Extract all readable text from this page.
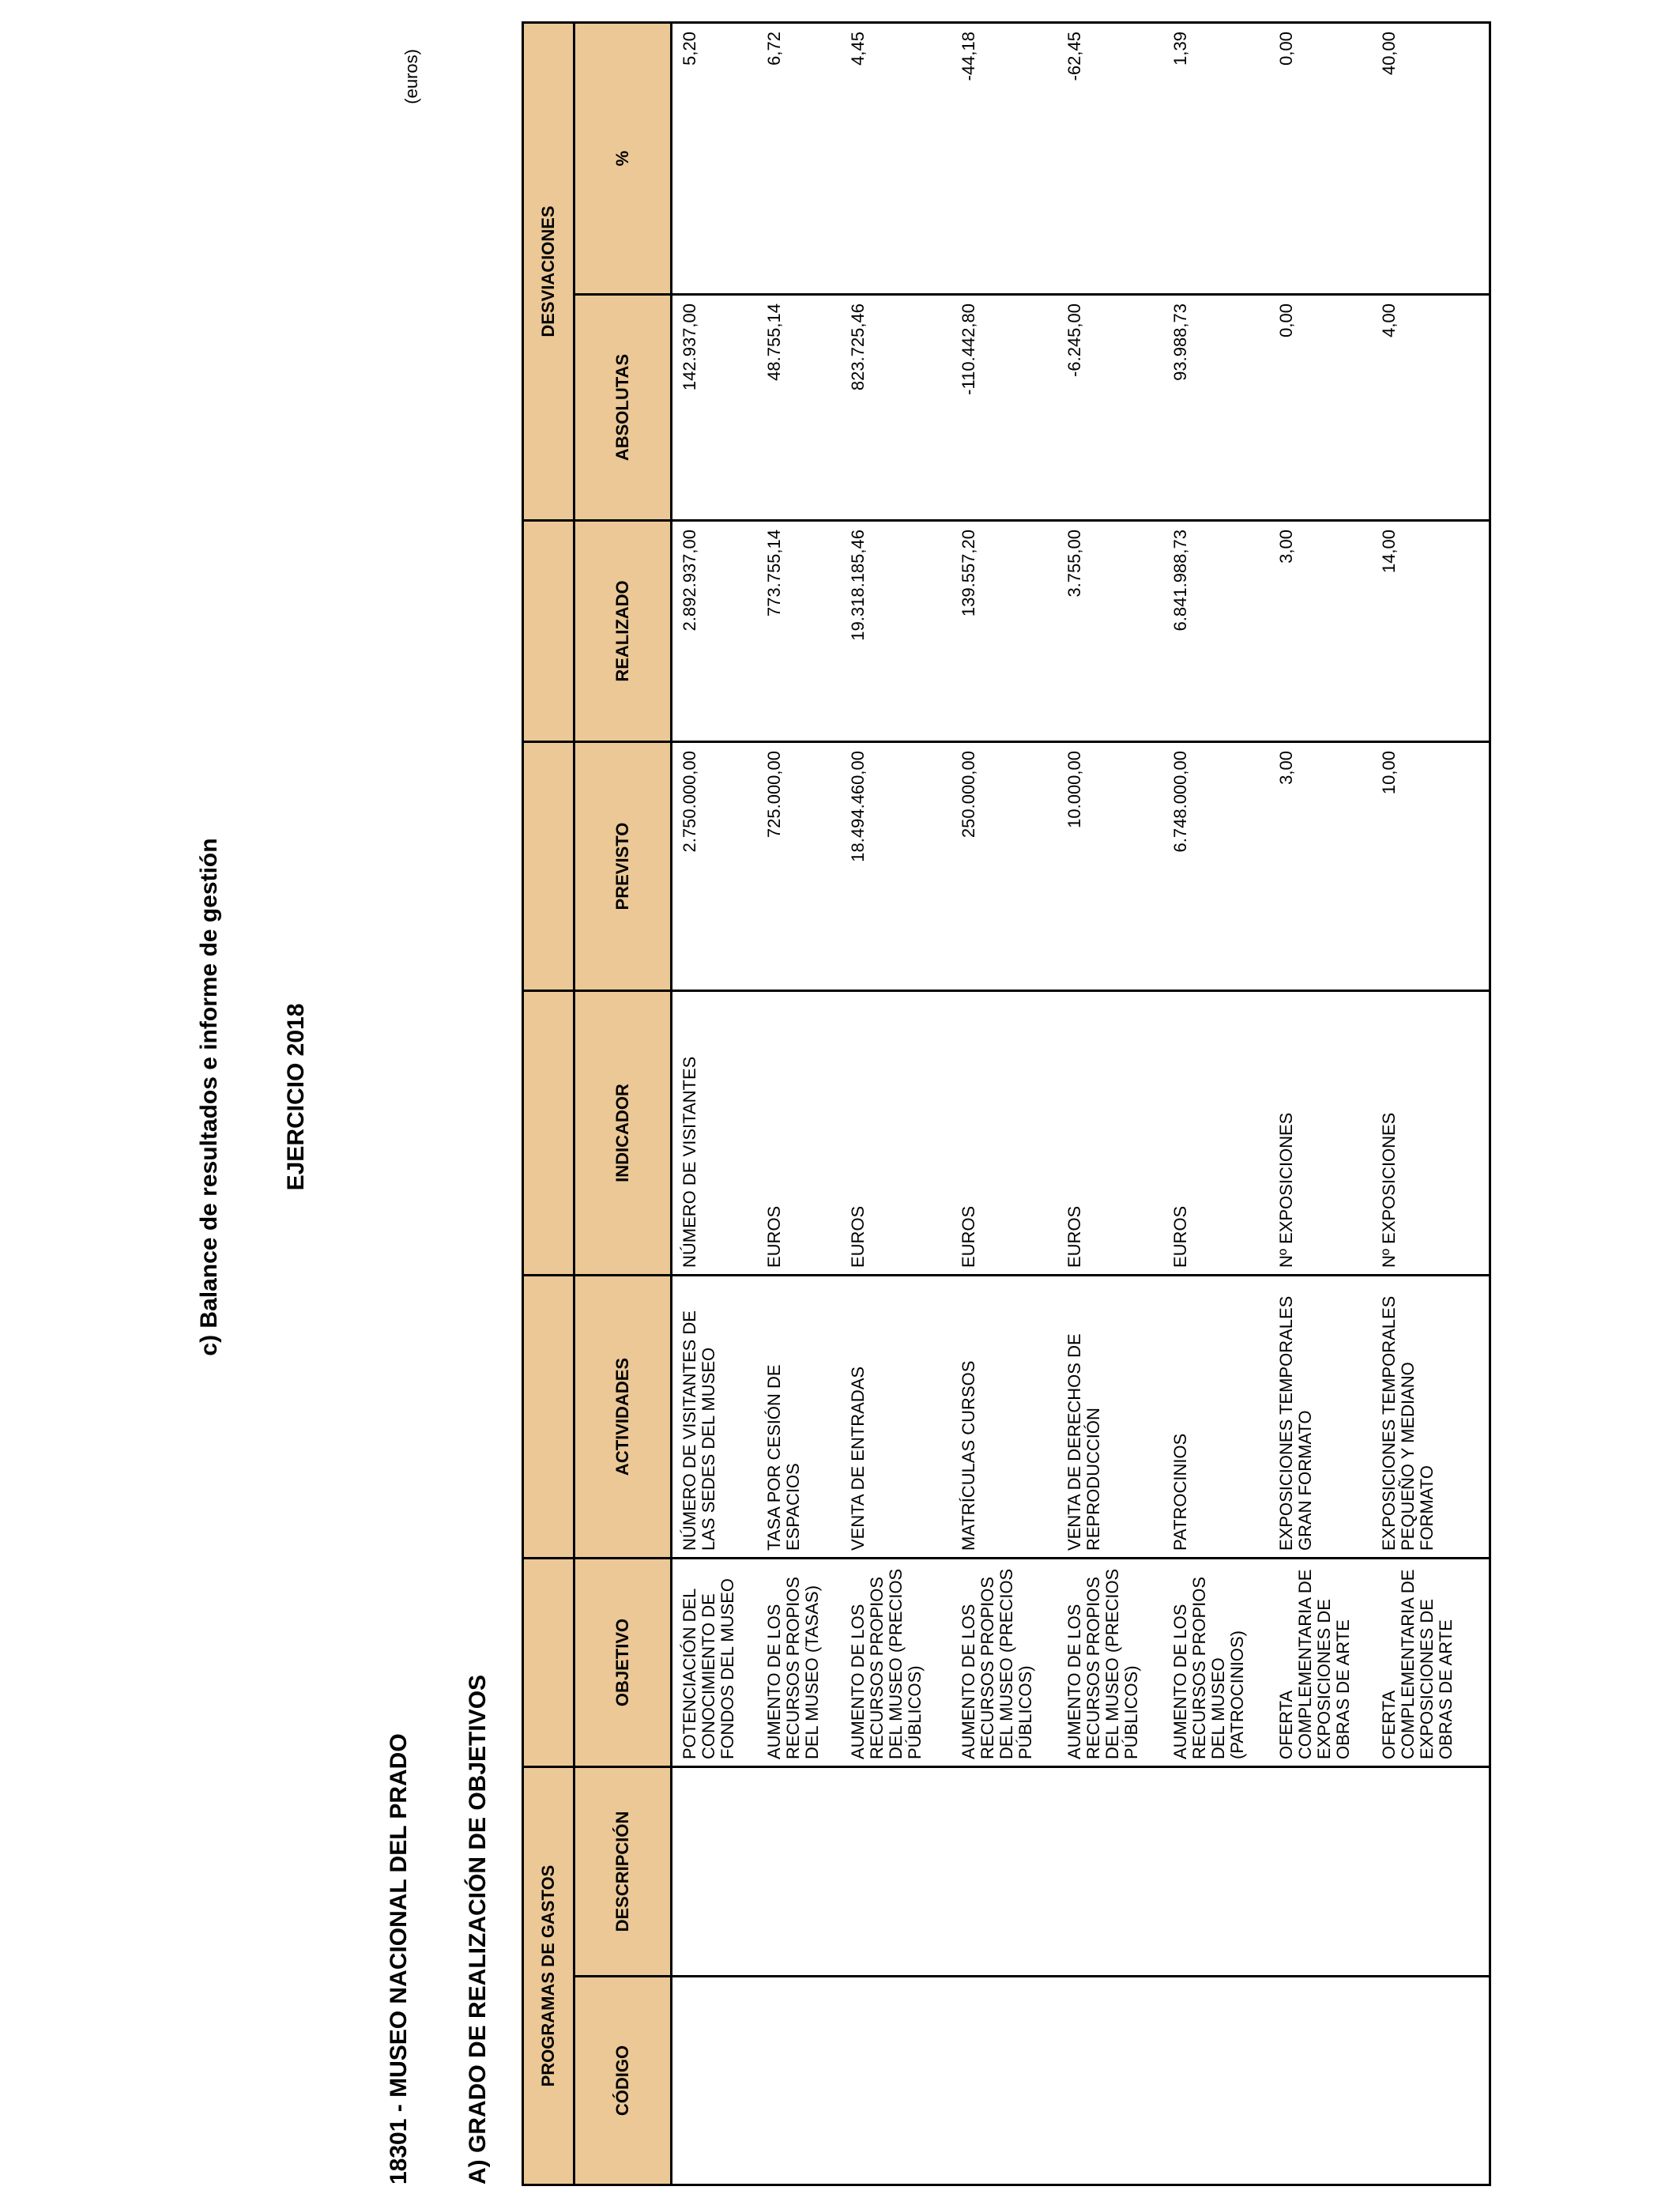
c) Balance de resultados e informe de gestión	EJERCICIO 2018
18301 - MUSEO NACIONAL DEL PRADO
(euros)
A) GRADO DE REALIZACIÓN DE OBJETIVOS	PROGRAMAS DE GASTOS							DESVIACIONES	
CÓDIGO	DESCRIPCIÓN	OBJETIVO	ACTIVIDADES	INDICADOR	PREVISTO	REALIZADO	ABSOLUTAS	%
		POTENCIACIÓN DEL CONOCIMIENTO DE FONDOS DEL MUSEO	NÚMERO DE VISITANTES DE LAS SEDES DEL MUSEO	NÚMERO DE VISITANTES	2.750.000,00	2.892.937,00	142.937,00	5,20
		AUMENTO DE LOS RECURSOS PROPIOS DEL MUSEO (TASAS)	TASA POR CESIÓN DE ESPACIOS	EUROS	725.000,00	773.755,14	48.755,14	6,72
		AUMENTO DE LOS RECURSOS PROPIOS DEL MUSEO (PRECIOS PÚBLICOS)	VENTA DE ENTRADAS	EUROS	18.494.460,00	19.318.185,46	823.725,46	4,45
		AUMENTO DE LOS RECURSOS PROPIOS DEL MUSEO (PRECIOS PÚBLICOS)	MATRÍCULAS CURSOS	EUROS	250.000,00	139.557,20	-110.442,80	-44,18
		AUMENTO DE LOS RECURSOS PROPIOS DEL MUSEO (PRECIOS PÚBLICOS)	VENTA DE DERECHOS DE REPRODUCCIÓN	EUROS	10.000,00	3.755,00	-6.245,00	-62,45
		AUMENTO DE LOS RECURSOS PROPIOS DEL MUSEO (PATROCINIOS)	PATROCINIOS	EUROS	6.748.000,00	6.841.988,73	93.988,73	1,39
		OFERTA COMPLEMENTARIA DE EXPOSICIONES DE OBRAS DE ARTE	EXPOSICIONES TEMPORALES GRAN FORMATO	Nº EXPOSICIONES	3,00	3,00	0,00	0,00
		OFERTA COMPLEMENTARIA DE EXPOSICIONES DE OBRAS DE ARTE	EXPOSICIONES TEMPORALES PEQUEÑO Y MEDIANO FORMATO	Nº EXPOSICIONES	10,00	14,00	4,00	40,00
